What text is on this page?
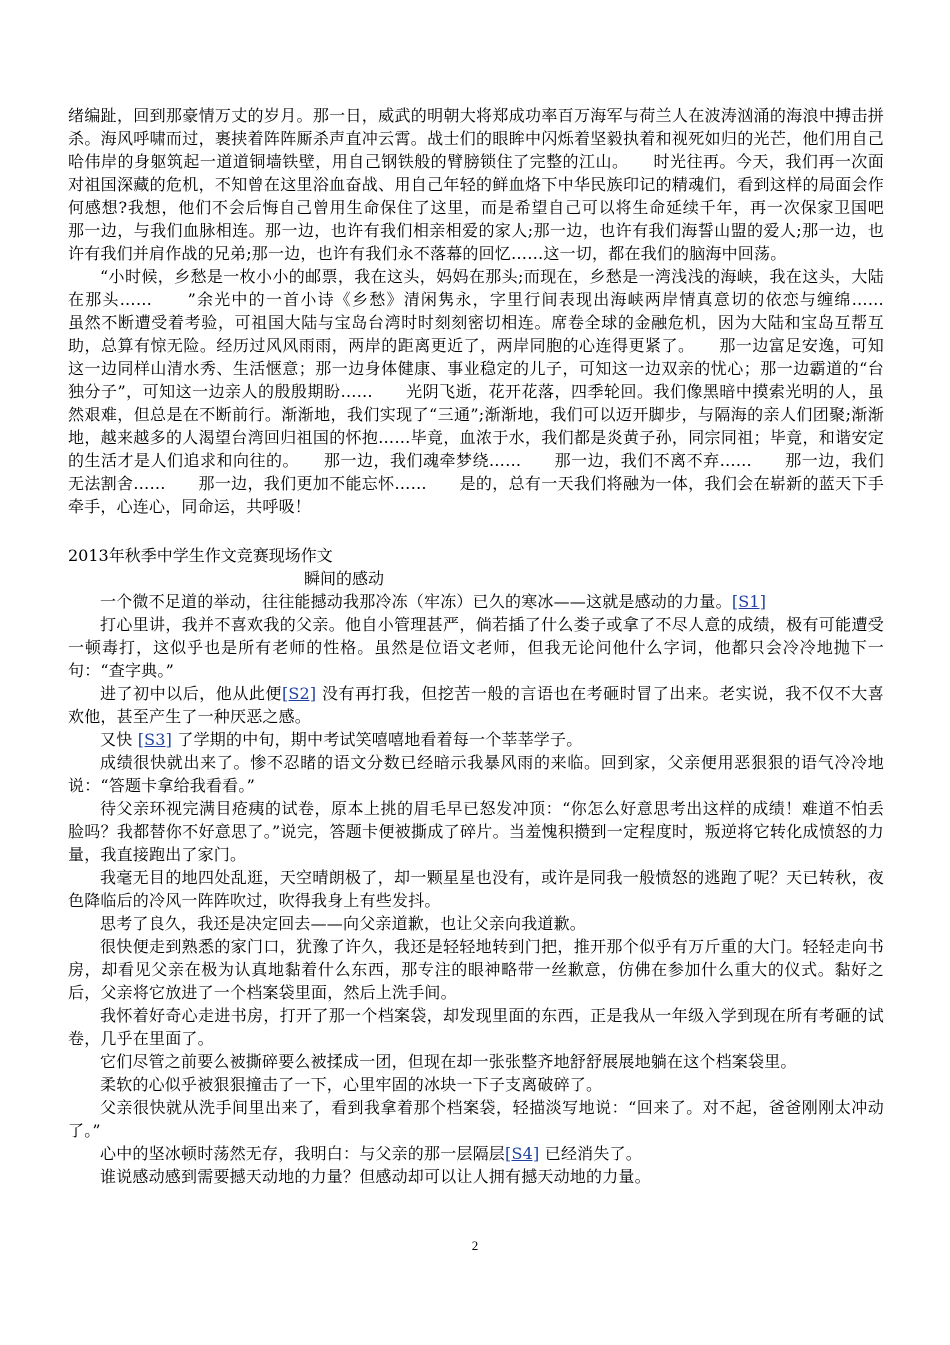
绪编趾，回到那豪情万丈的岁月。那一日，威武的明朝大将郑成功率百万海军与荷兰人在波涛汹涌的海浪中搏击拼杀。海风呼啸而过，裹挟着阵阵厮杀声直冲云霄。战士们的眼眸中闪烁着坚毅执着和视死如归的光芒，他们用自己哈伟岸的身躯筑起一道道铜墙铁壁，用自己钢铁般的臂膀锁住了完整的江山。　　时光往再。今天，我们再一次面对祖国深藏的危机，不知曾在这里浴血奋战、用自己年轻的鲜血烙下中华民族印记的精魂们，看到这样的局面会作何感想?我想，他们不会后悔自己曾用生命保住了这里，而是希望自己可以将生命延续千年，再一次保家卫国吧　　那一边，与我们血脉相连。那一边，也许有我们相亲相爱的家人;那一边，也许有我们海誓山盟的爱人;那一边，也许有我们并肩作战的兄弟;那一边，也许有我们永不落幕的回忆……这一切，都在我们的脑海中回荡。

“小时候，乡愁是一枚小小的邮票，我在这头，妈妈在那头;而现在，乡愁是一湾浅浅的海峡，我在这头，大陆在那头……　　”余光中的一首小诗《乡愁》清闲隽永，字里行间表现出海峡两岸情真意切的依恋与缠绵……　　虽然不断遭受着考验，可祖国大陆与宝岛台湾时时刻刻密切相连。席卷全球的金融危机，因为大陆和宝岛互帮互助，总算有惊无险。经历过风风雨雨，两岸的距离更近了，两岸同胞的心连得更紧了。　　那一边富足安逸，可知这一边同样山清水秀、生活惬意；那一边身体健康、事业稳定的儿子，可知这一边双亲的忧心；那一边霸道的“台独分子”，可知这一边亲人的殷殷期盼……　　光阴飞逝，花开花落，四季轮回。我们像黑暗中摸索光明的人，虽然艰难，但总是在不断前行。渐渐地，我们实现了“三通”;渐渐地，我们可以迈开脚步，与隔海的亲人们团聚;渐渐地，越来越多的人渴望台湾回归祖国的怀抱……毕竟，血浓于水，我们都是炎黄子孙，同宗同祖；毕竟，和谐安定的生活才是人们追求和向往的。　　那一边，我们魂牵梦绕……　　那一边，我们不离不弃……　　那一边，我们无法割舍……　　那一边，我们更加不能忘怀……　　是的，总有一天我们将融为一体，我们会在崭新的蓝天下手牵手，心连心，同命运，共呼吸！

2013年秋季中学生作文竞赛现场作文

瞬间的感动

一个微不足道的举动，往往能撼动我那冷冻（牢冻）已久的寒冰——这就是感动的力量。[S1]

打心里讲，我并不喜欢我的父亲。他自小管理甚严，倘若插了什么娄子或拿了不尽人意的成绩，极有可能遭受一顿毒打，这似乎也是所有老师的性格。虽然是位语文老师，但我无论问他什么字词，他都只会冷冷地抛下一句：“查字典。”

进了初中以后，他从此便[S2] 没有再打我，但挖苦一般的言语也在考砸时冒了出来。老实说，我不仅不大喜欢他，甚至产生了一种厌恶之感。

又快 [S3] 了学期的中旬，期中考试笑嘻嘻地看着每一个莘莘学子。

成绩很快就出来了。惨不忍睹的语文分数已经暗示我暴风雨的来临。回到家，父亲便用恶狠狠的语气冷冷地说：“答题卡拿给我看看。”

待父亲环视完满目疮痍的试卷，原本上挑的眉毛早已怒发冲顶：“你怎么好意思考出这样的成绩！难道不怕丢脸吗？我都替你不好意思了。”说完，答题卡便被撕成了碎片。当羞愧积攒到一定程度时，叛逆将它转化成愤怒的力量，我直接跑出了家门。

我毫无目的地四处乱逛，天空晴朗极了，却一颗星星也没有，或许是同我一般愤怒的逃跑了呢？天已转秋，夜色降临后的冷风一阵阵吹过，吹得我身上有些发抖。

思考了良久，我还是决定回去——向父亲道歉，也让父亲向我道歉。

很快便走到熟悉的家门口，犹豫了许久，我还是轻轻地转到门把，推开那个似乎有万斤重的大门。轻轻走向书房，却看见父亲在极为认真地黏着什么东西，那专注的眼神略带一丝歉意，仿佛在参加什么重大的仪式。黏好之后，父亲将它放进了一个档案袋里面，然后上洗手间。

我怀着好奇心走进书房，打开了那一个档案袋，却发现里面的东西，正是我从一年级入学到现在所有考砸的试卷，几乎在里面了。

它们尽管之前要么被撕碎要么被揉成一团，但现在却一张张整齐地舒舒展展地躺在这个档案袋里。

柔软的心似乎被狠狠撞击了一下，心里牢固的冰块一下子支离破碎了。

父亲很快就从洗手间里出来了，看到我拿着那个档案袋，轻描淡写地说：“回来了。对不起，爸爸刚刚太冲动了。”

心中的坚冰顿时荡然无存，我明白：与父亲的那一层隔层[S4] 已经消失了。

谁说感动感到需要撼天动地的力量？但感动却可以让人拥有撼天动地的力量。

2
